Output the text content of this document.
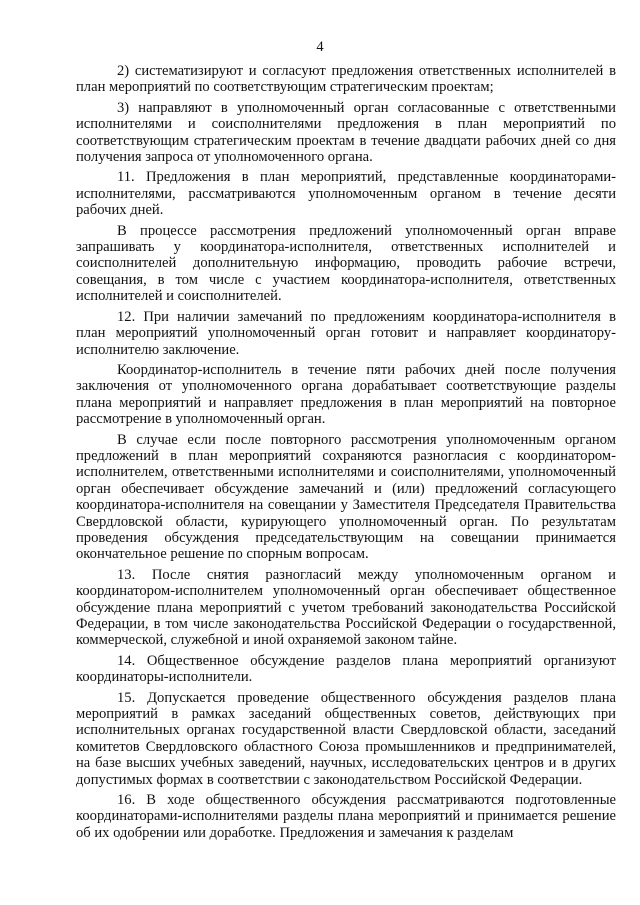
4

2) систематизируют и согласуют предложения ответственных исполнителей в план мероприятий по соответствующим стратегическим проектам;

3) направляют в уполномоченный орган согласованные с ответственными исполнителями и соисполнителями предложения в план мероприятий по соответствующим стратегическим проектам в течение двадцати рабочих дней со дня получения запроса от уполномоченного органа.

11. Предложения в план мероприятий, представленные координаторами-исполнителями, рассматриваются уполномоченным органом в течение десяти рабочих дней.

В процессе рассмотрения предложений уполномоченный орган вправе запрашивать у координатора-исполнителя, ответственных исполнителей и соисполнителей дополнительную информацию, проводить рабочие встречи, совещания, в том числе с участием координатора-исполнителя, ответственных исполнителей и соисполнителей.

12. При наличии замечаний по предложениям координатора-исполнителя в план мероприятий уполномоченный орган готовит и направляет координатору-исполнителю заключение.

Координатор-исполнитель в течение пяти рабочих дней после получения заключения от уполномоченного органа дорабатывает соответствующие разделы плана мероприятий и направляет предложения в план мероприятий на повторное рассмотрение в уполномоченный орган.

В случае если после повторного рассмотрения уполномоченным органом предложений в план мероприятий сохраняются разногласия с координатором-исполнителем, ответственными исполнителями и соисполнителями, уполномоченный орган обеспечивает обсуждение замечаний и (или) предложений согласующего координатора-исполнителя на совещании у Заместителя Председателя Правительства Свердловской области, курирующего уполномоченный орган. По результатам проведения обсуждения председательствующим на совещании принимается окончательное решение по спорным вопросам.

13. После снятия разногласий между уполномоченным органом и координатором-исполнителем уполномоченный орган обеспечивает общественное обсуждение плана мероприятий с учетом требований законодательства Российской Федерации, в том числе законодательства Российской Федерации о государственной, коммерческой, служебной и иной охраняемой законом тайне.

14. Общественное обсуждение разделов плана мероприятий организуют координаторы-исполнители.

15. Допускается проведение общественного обсуждения разделов плана мероприятий в рамках заседаний общественных советов, действующих при исполнительных органах государственной власти Свердловской области, заседаний комитетов Свердловского областного Союза промышленников и предпринимателей, на базе высших учебных заведений, научных, исследовательских центров и в других допустимых формах в соответствии с законодательством Российской Федерации.

16. В ходе общественного обсуждения рассматриваются подготовленные координаторами-исполнителями разделы плана мероприятий и принимается решение об их одобрении или доработке. Предложения и замечания к разделам
